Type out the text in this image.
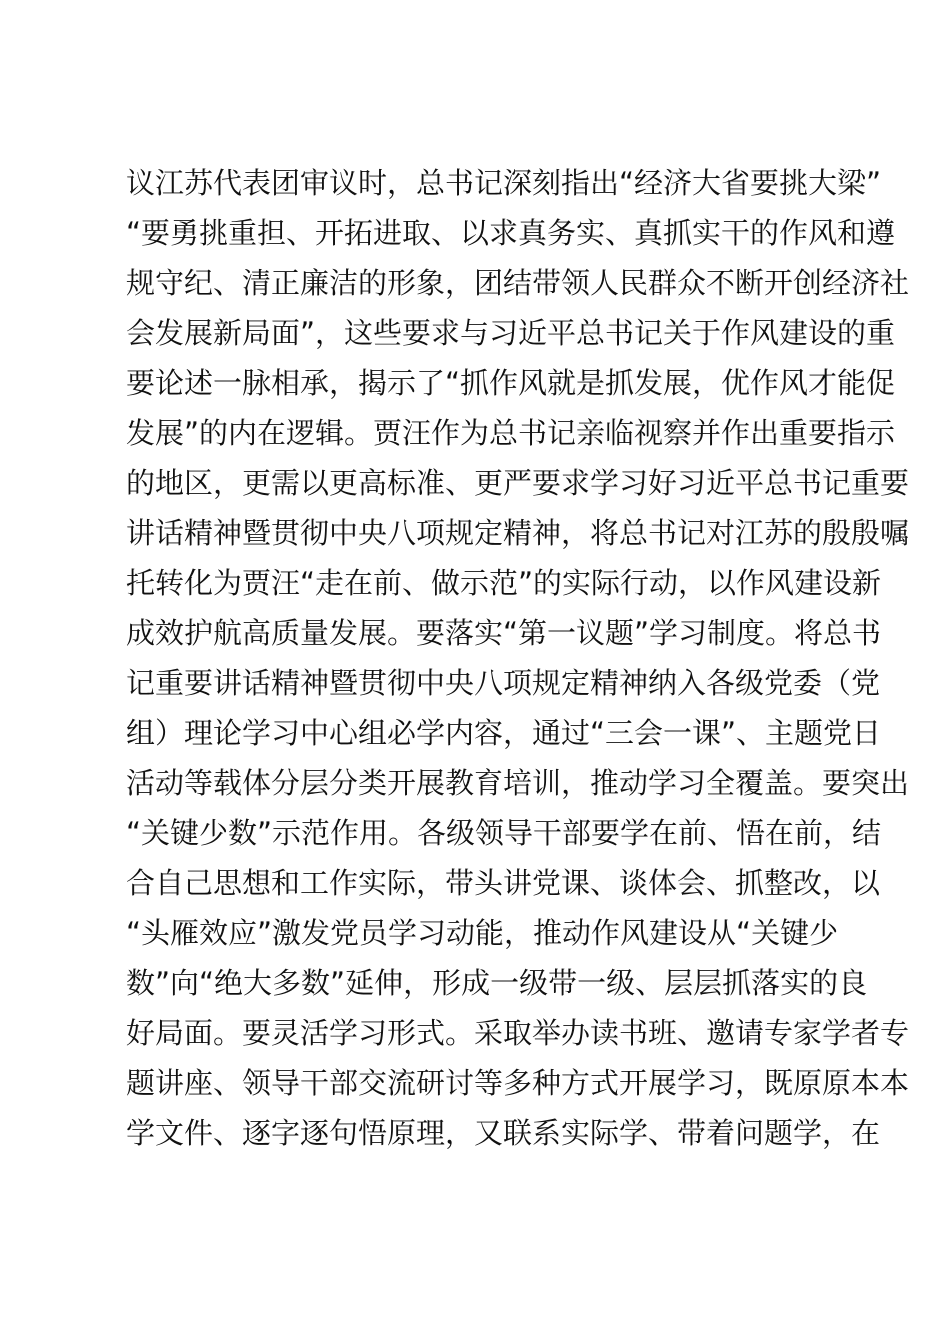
议江苏代表团审议时，总书记深刻指出“经济大省要挑大梁”
“要勇挑重担、开拓进取、以求真务实、真抓实干的作风和遵
规守纪、清正廉洁的形象，团结带领人民群众不断开创经济社
会发展新局面”，这些要求与习近平总书记关于作风建设的重
要论述一脉相承，揭示了“抓作风就是抓发展，优作风才能促
发展”的内在逻辑。贾汪作为总书记亲临视察并作出重要指示
的地区，更需以更高标准、更严要求学习好习近平总书记重要
讲话精神暨贯彻中央八项规定精神，将总书记对江苏的殷殷嘱
托转化为贾汪“走在前、做示范”的实际行动，以作风建设新
成效护航高质量发展。要落实“第一议题”学习制度。将总书
记重要讲话精神暨贯彻中央八项规定精神纳入各级党委（党
组）理论学习中心组必学内容，通过“三会一课”、主题党日
活动等载体分层分类开展教育培训，推动学习全覆盖。要突出
“关键少数”示范作用。各级领导干部要学在前、悟在前，结
合自己思想和工作实际，带头讲党课、谈体会、抓整改，以
“头雁效应”激发党员学习动能，推动作风建设从“关键少
数”向“绝大多数”延伸，形成一级带一级、层层抓落实的良
好局面。要灵活学习形式。采取举办读书班、邀请专家学者专
题讲座、领导干部交流研讨等多种方式开展学习，既原原本本
学文件、逐字逐句悟原理，又联系实际学、带着问题学，在
